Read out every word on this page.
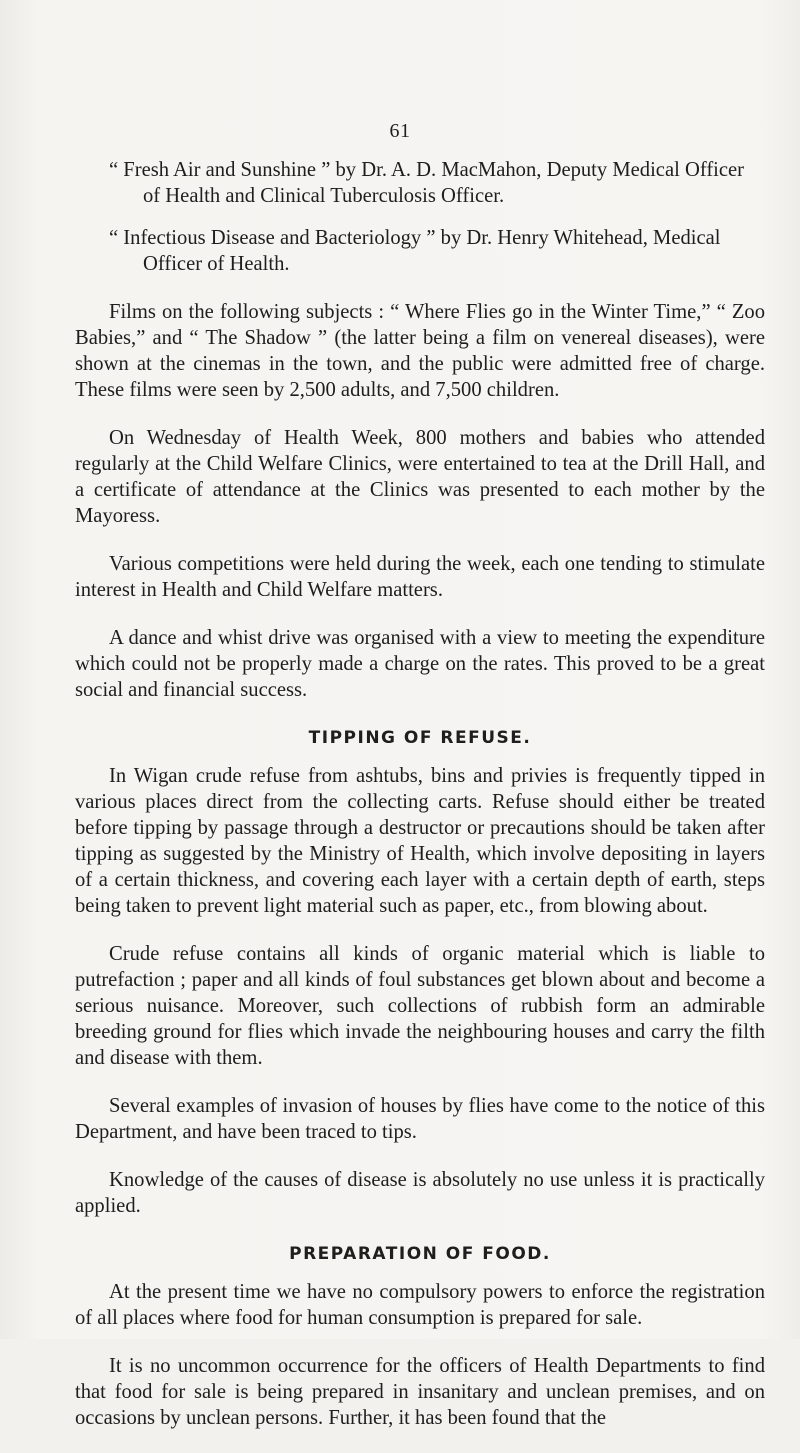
61

“ Fresh Air and Sunshine ” by Dr. A. D. MacMahon, Deputy Medical Officer of Health and Clinical Tuberculosis Officer.

“ Infectious Disease and Bacteriology ” by Dr. Henry Whitehead, Medical Officer of Health.

Films on the following subjects : “ Where Flies go in the Winter Time,” “ Zoo Babies,” and “ The Shadow ” (the latter being a film on venereal diseases), were shown at the cinemas in the town, and the public were admitted free of charge. These films were seen by 2,500 adults, and 7,500 children.

On Wednesday of Health Week, 800 mothers and babies who attended regularly at the Child Welfare Clinics, were entertained to tea at the Drill Hall, and a certificate of attendance at the Clinics was presented to each mother by the Mayoress.

Various competitions were held during the week, each one tending to stimulate interest in Health and Child Welfare matters.

A dance and whist drive was organised with a view to meeting the expenditure which could not be properly made a charge on the rates. This proved to be a great social and financial success.

TIPPING OF REFUSE.

In Wigan crude refuse from ashtubs, bins and privies is frequently tipped in various places direct from the collecting carts. Refuse should either be treated before tipping by passage through a destructor or precautions should be taken after tipping as suggested by the Ministry of Health, which involve depositing in layers of a certain thickness, and covering each layer with a certain depth of earth, steps being taken to prevent light material such as paper, etc., from blowing about.

Crude refuse contains all kinds of organic material which is liable to putrefaction ; paper and all kinds of foul substances get blown about and become a serious nuisance. Moreover, such collections of rubbish form an admirable breeding ground for flies which invade the neighbouring houses and carry the filth and disease with them.

Several examples of invasion of houses by flies have come to the notice of this Department, and have been traced to tips.

Knowledge of the causes of disease is absolutely no use unless it is practically applied.

PREPARATION OF FOOD.

At the present time we have no compulsory powers to enforce the registration of all places where food for human consumption is prepared for sale.

It is no uncommon occurrence for the officers of Health Departments to find that food for sale is being prepared in insanitary and unclean premises, and on occasions by unclean persons. Further, it has been found that the
